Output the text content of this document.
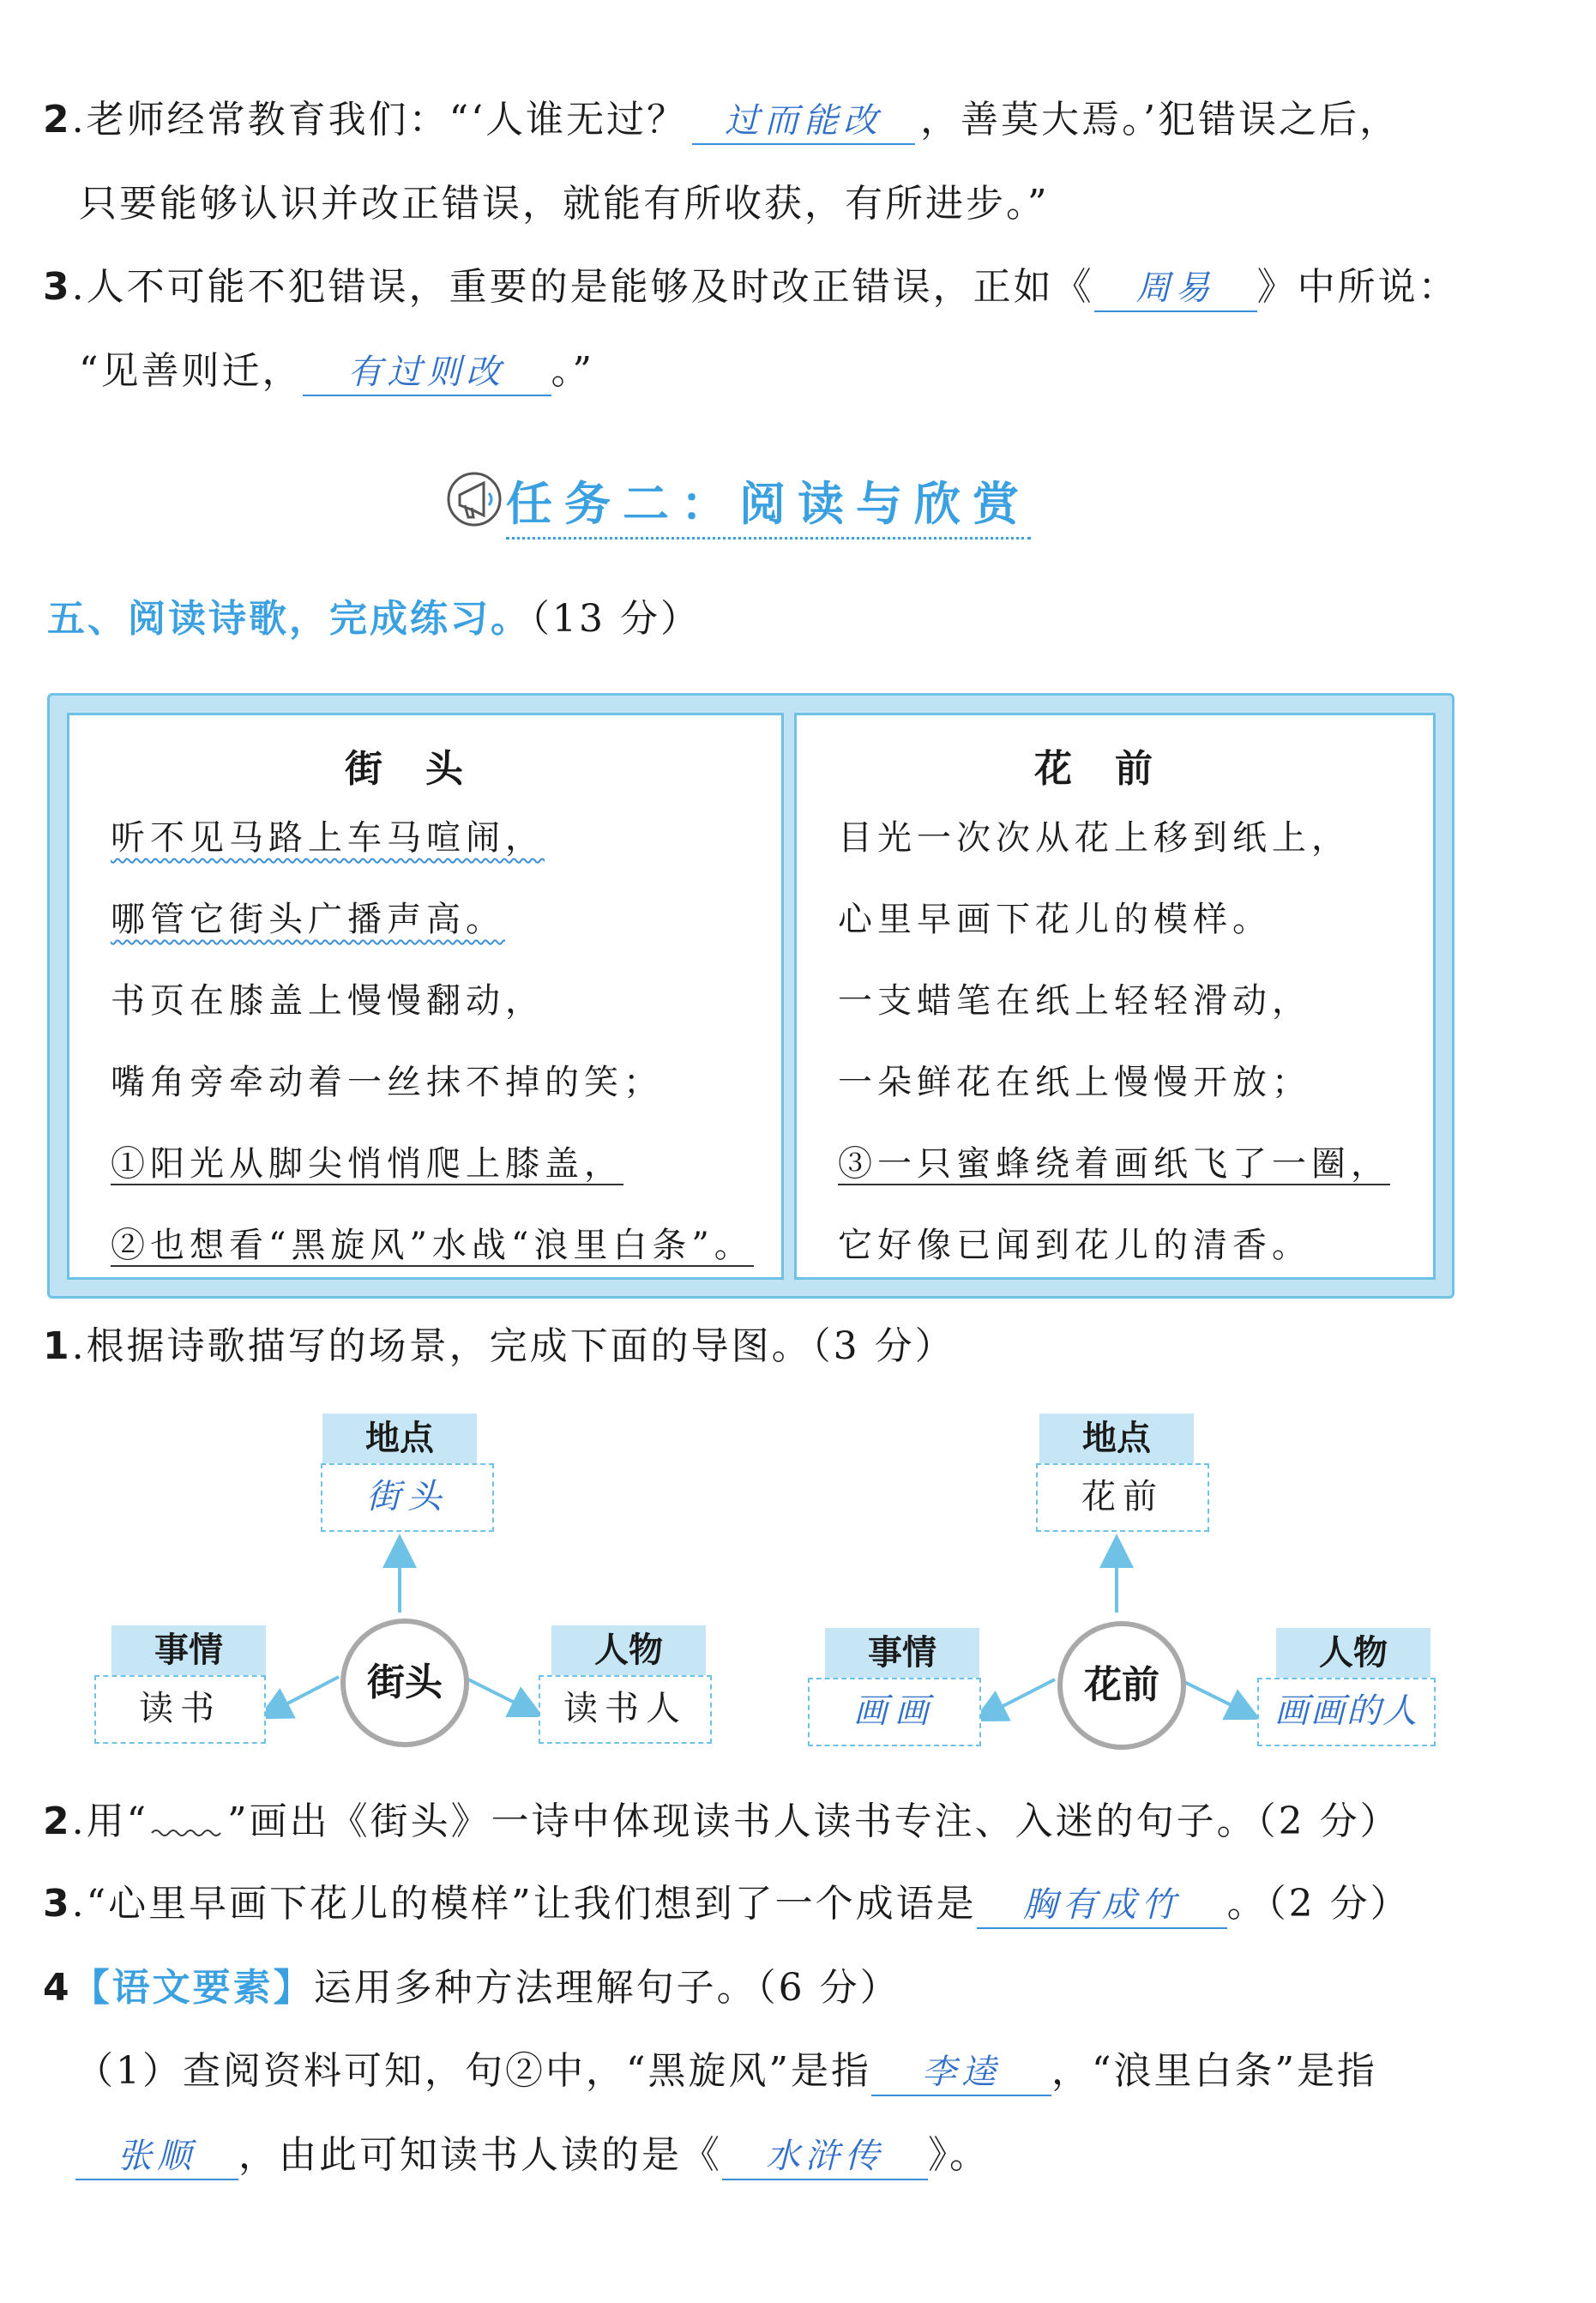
2.老师经常教育我们：“‘人谁无过？ 过而能改 ，善莫大焉。’犯错误之后，
只要能够认识并改正错误，就能有所收获，有所进步。”
3.人不可能不犯错误，重要的是能够及时改正错误，正如《 周易 》中所说：
“见善则迁， 有过则改 。”
任务二：阅读与欣赏
五、阅读诗歌，完成练习。（13 分）
街头
听不见马路上车马喧闹，
哪管它街头广播声高。
书页在膝盖上慢慢翻动，
嘴角旁牵动着一丝抹不掉的笑；
①阳光从脚尖悄悄爬上膝盖，
②也想看“黑旋风”水战“浪里白条”。
花前
目光一次次从花上移到纸上，
心里早画下花儿的模样。
一支蜡笔在纸上轻轻滑动，
一朵鲜花在纸上慢慢开放；
③一只蜜蜂绕着画纸飞了一圈，
它好像已闻到花儿的清香。
1.根据诗歌描写的场景，完成下面的导图。（3 分）
地点
街头
街头
事情
读书
人物
读书人
地点
花前
花前
事情
画画
人物
画画的人
2.用“ ”画出《街头》一诗中体现读书人读书专注、入迷的句子。（2 分）
3.“心里早画下花儿的模样”让我们想到了一个成语是 胸有成竹 。（2 分）
4【语文要素】运用多种方法理解句子。（6 分）
（1）查阅资料可知，句②中，“黑旋风”是指 李逵 ，“浪里白条”是指
张顺 ，由此可知读书人读的是《 水浒传 》。
